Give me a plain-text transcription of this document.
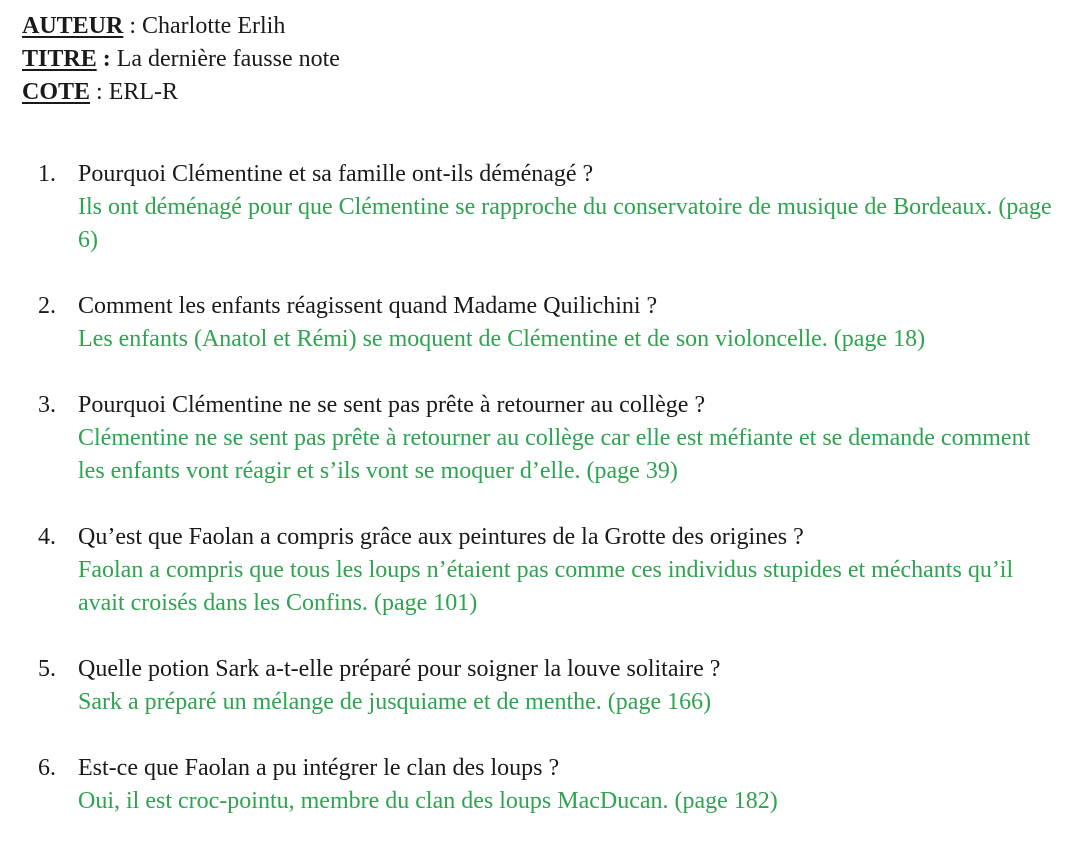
AUTEUR : Charlotte Erlih
TITRE : La dernière fausse note
COTE : ERL-R
1. Pourquoi Clémentine et sa famille ont-ils déménagé ?
Ils ont déménagé pour que Clémentine se rapproche du conservatoire de musique de Bordeaux. (page 6)
2. Comment les enfants réagissent quand Madame Quilichini ?
Les enfants (Anatol et Rémi) se moquent de Clémentine et de son violoncelle. (page 18)
3. Pourquoi Clémentine ne se sent pas prête à retourner au collège ?
Clémentine ne se sent pas prête à retourner au collège car elle est méfiante et se demande comment les enfants vont réagir et s’ils vont se moquer d’elle. (page 39)
4. Qu’est que Faolan a compris grâce aux peintures de la Grotte des origines ?
Faolan a compris que tous les loups n’étaient pas comme ces individus stupides et méchants qu’il avait croisés dans les Confins. (page 101)
5. Quelle potion Sark a-t-elle préparé pour soigner la louve solitaire ?
Sark a préparé un mélange de jusquiame et de menthe. (page 166)
6. Est-ce que Faolan a pu intégrer le clan des loups ?
Oui, il est croc-pointu, membre du clan des loups MacDucan. (page 182)
